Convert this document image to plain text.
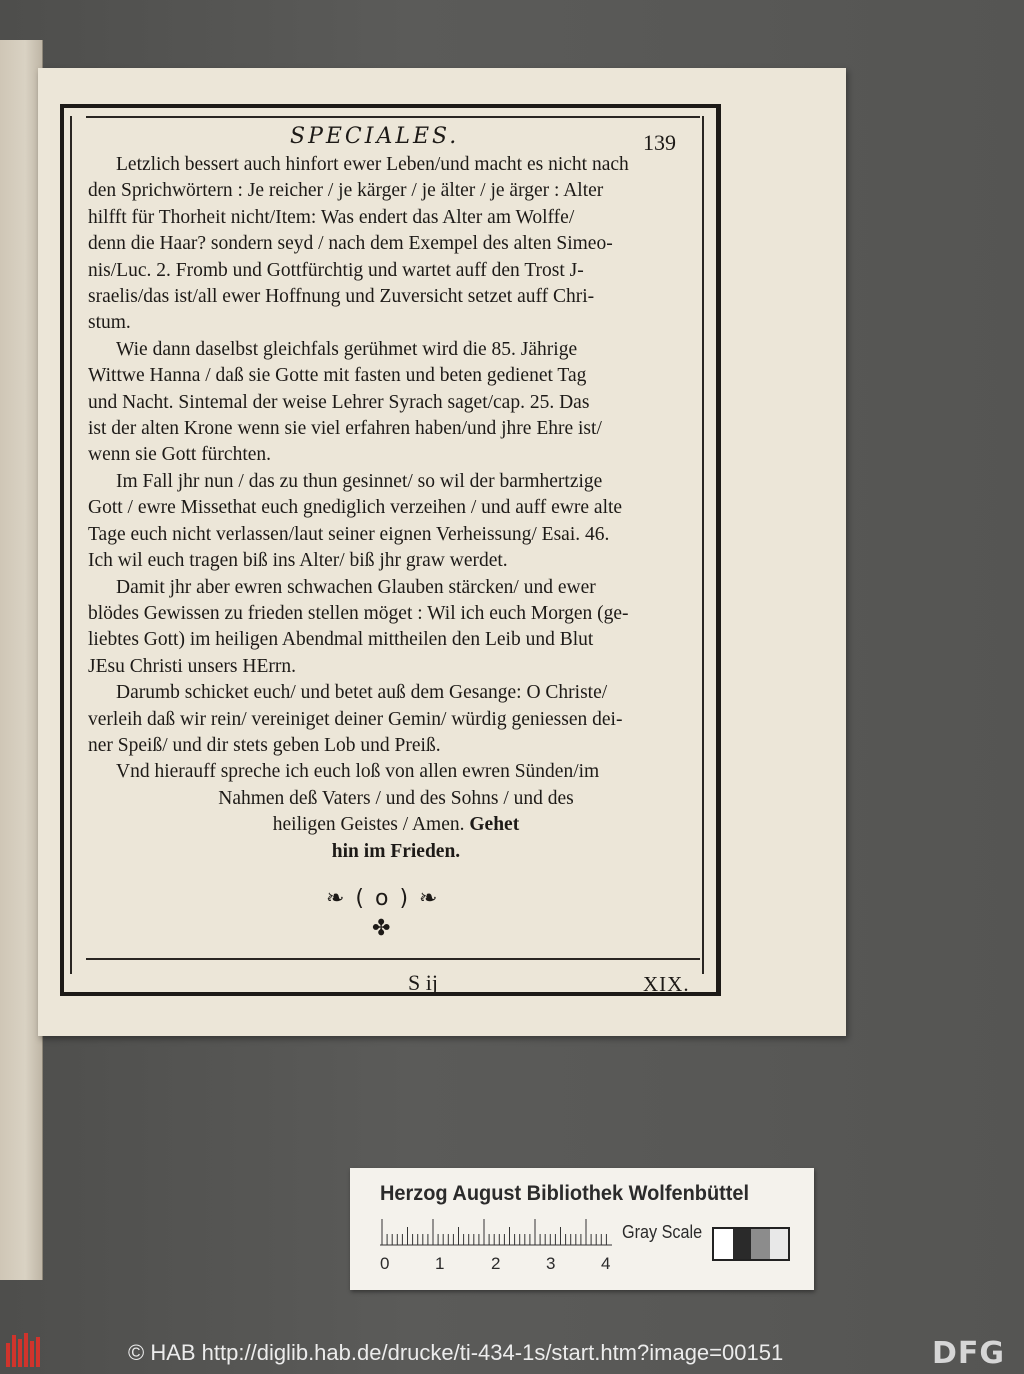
SPECIALES.	139
Letzlich bessert auch hinfort ewer Leben/und macht es nicht nach
den Sprichwörtern : Je reicher / je kärger / je älter / je ärger : Alter
hilfft für Thorheit nicht/Item: Was endert das Alter am Wolffe/
denn die Haar? sondern seyd / nach dem Exempel des alten Simeo-
nis/Luc. 2. Fromb und Gottfürchtig und wartet auff den Trost J-
sraelis/das ist/all ewer Hoffnung und Zuversicht setzet auff Chri-
stum.
Wie dann daselbst gleichfals gerühmet wird die 85. Jährige
Wittwe Hanna / daß sie Gotte mit fasten und beten gedienet Tag
und Nacht. Sintemal der weise Lehrer Syrach saget/cap. 25. Das
ist der alten Krone wenn sie viel erfahren haben/und jhre Ehre ist/
wenn sie Gott fürchten.
Im Fall jhr nun / das zu thun gesinnet/ so wil der barmhertzige
Gott / ewre Missethat euch gnediglich verzeihen / und auff ewre alte
Tage euch nicht verlassen/laut seiner eignen Verheissung/ Esai. 46.
Ich wil euch tragen biß ins Alter/ biß jhr graw werdet.
Damit jhr aber ewren schwachen Glauben stärcken/ und ewer
blödes Gewissen zu frieden stellen möget : Wil ich euch Morgen (ge-
liebtes Gott) im heiligen Abendmal mittheilen den Leib und Blut
JEsu Christi unsers HErrn.
Darumb schicket euch/ und betet auß dem Gesange: O Christe/
verleih daß wir rein/ vereiniget deiner Gemin/ würdig geniessen dei-
ner Speiß/ und dir stets geben Lob und Preiß.
Vnd hierauff spreche ich euch loß von allen ewren Sünden/im
Nahmen deß Vaters / und des Sohns / und des
heiligen Geistes / Amen. Gehet
hin im Frieden.
❧ ( o ) ❧
✤
S ij	XIX.
Herzog August Bibliothek Wolfenbüttel
0	1	2	3	4
Gray Scale
© HAB http://diglib.hab.de/drucke/ti-434-1s/start.htm?image=00151	DFG
